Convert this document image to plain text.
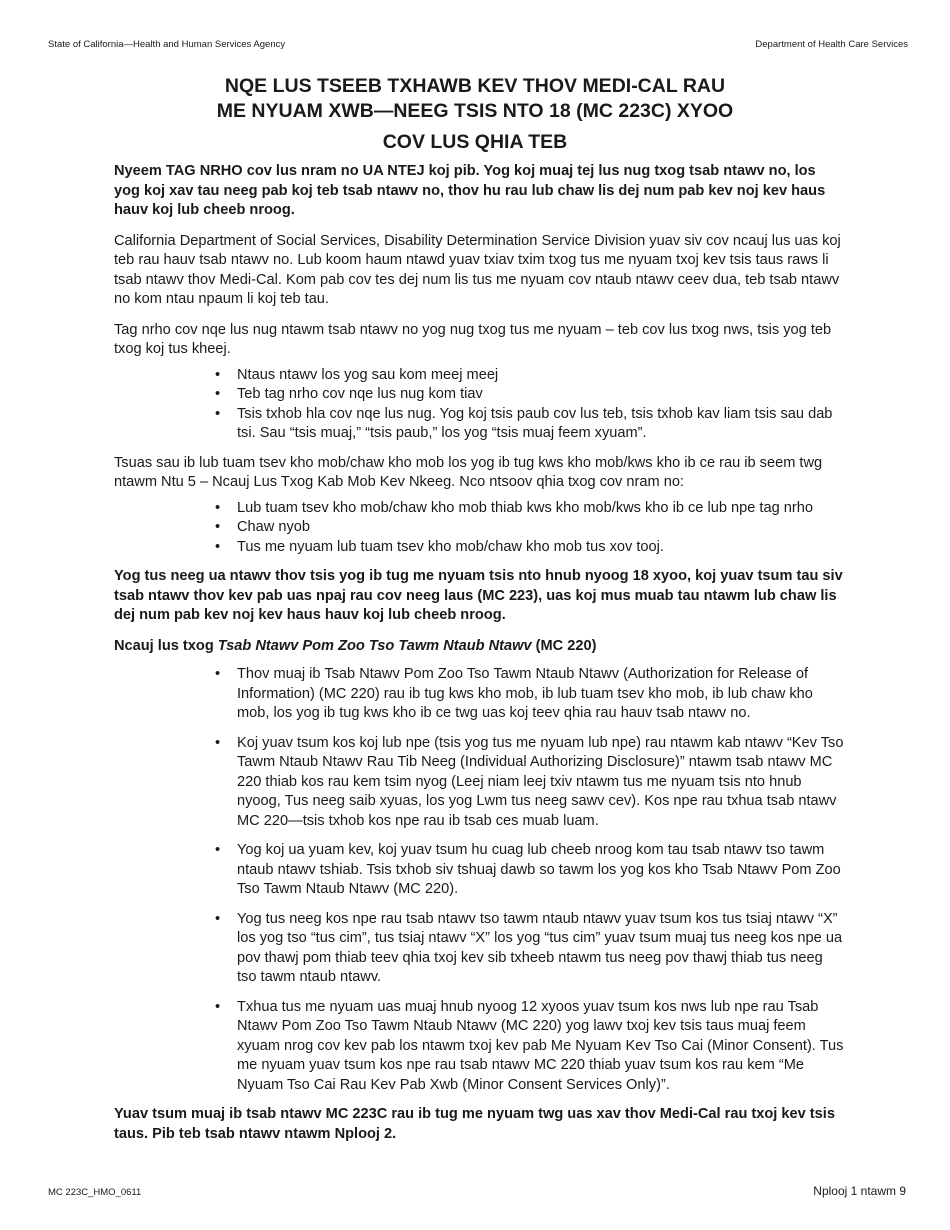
State of California—Health and Human Services Agency	Department of Health Care Services
NQE LUS TSEEB TXHAWB KEV THOV MEDI-CAL RAU
ME NYUAM XWB—NEEG TSIS NTO 18 (MC 223C) XYOO
COV LUS QHIA TEB

Nyeem TAG NRHO cov lus nram no UA NTEJ koj pib. Yog koj muaj tej lus nug txog tsab ntawv no, los yog koj xav tau neeg pab koj teb tsab ntawv no, thov hu rau lub chaw lis dej num pab kev noj kev haus hauv koj lub cheeb nroog.

California Department of Social Services, Disability Determination Service Division yuav siv cov ncauj lus uas koj teb rau hauv tsab ntawv no. Lub koom haum ntawd yuav txiav txim txog tus me nyuam txoj kev tsis taus raws li tsab ntawv thov Medi-Cal. Kom pab cov tes dej num lis tus me nyuam cov ntaub ntawv ceev dua, teb tsab ntawv no kom ntau npaum li koj teb tau.

Tag nrho cov nqe lus nug ntawm tsab ntawv no yog nug txog tus me nyuam – teb cov lus txog nws, tsis yog teb txog koj tus kheej.

• Ntaus ntawv los yog sau kom meej meej
• Teb tag nrho cov nqe lus nug kom tiav
• Tsis txhob hla cov nqe lus nug. Yog koj tsis paub cov lus teb, tsis txhob kav liam tsis sau dab tsi. Sau “tsis muaj,” “tsis paub,” los yog “tsis muaj feem xyuam”.

Tsuas sau ib lub tuam tsev kho mob/chaw kho mob los yog ib tug kws kho mob/kws kho ib ce rau ib seem twg ntawm Ntu 5 – Ncauj Lus Txog Kab Mob Kev Nkeeg. Nco ntsoov qhia txog cov nram no:

• Lub tuam tsev kho mob/chaw kho mob thiab kws kho mob/kws kho ib ce lub npe tag nrho
• Chaw nyob
• Tus me nyuam lub tuam tsev kho mob/chaw kho mob tus xov tooj.

Yog tus neeg ua ntawv thov tsis yog ib tug me nyuam tsis nto hnub nyoog 18 xyoo, koj yuav tsum tau siv tsab ntawv thov kev pab uas npaj rau cov neeg laus (MC 223), uas koj mus muab tau ntawm lub chaw lis dej num pab kev noj kev haus hauv koj lub cheeb nroog.

Ncauj lus txog Tsab Ntawv Pom Zoo Tso Tawm Ntaub Ntawv (MC 220)

• Thov muaj ib Tsab Ntawv Pom Zoo Tso Tawm Ntaub Ntawv (Authorization for Release of Information) (MC 220) rau ib tug kws kho mob, ib lub tuam tsev kho mob, ib lub chaw kho mob, los yog ib tug kws kho ib ce twg uas koj teev qhia rau hauv tsab ntawv no.
• Koj yuav tsum kos koj lub npe (tsis yog tus me nyuam lub npe) rau ntawm kab ntawv “Kev Tso Tawm Ntaub Ntawv Rau Tib Neeg (Individual Authorizing Disclosure)” ntawm tsab ntawv MC 220 thiab kos rau kem tsim nyog (Leej niam leej txiv ntawm tus me nyuam tsis nto hnub nyoog, Tus neeg saib xyuas, los yog Lwm tus neeg sawv cev). Kos npe rau txhua tsab ntawv MC 220—tsis txhob kos npe rau ib tsab ces muab luam.
• Yog koj ua yuam kev, koj yuav tsum hu cuag lub cheeb nroog kom tau tsab ntawv tso tawm ntaub ntawv tshiab. Tsis txhob siv tshuaj dawb so tawm los yog kos kho Tsab Ntawv Pom Zoo Tso Tawm Ntaub Ntawv (MC 220).
• Yog tus neeg kos npe rau tsab ntawv tso tawm ntaub ntawv yuav tsum kos tus tsiaj ntawv “X” los yog tso “tus cim”, tus tsiaj ntawv “X” los yog “tus cim” yuav tsum muaj tus neeg kos npe ua pov thawj pom thiab teev qhia txoj kev sib txheeb ntawm tus neeg pov thawj thiab tus neeg tso tawm ntaub ntawv.
• Txhua tus me nyuam uas muaj hnub nyoog 12 xyoos yuav tsum kos nws lub npe rau Tsab Ntawv Pom Zoo Tso Tawm Ntaub Ntawv (MC 220) yog lawv txoj kev tsis taus muaj feem xyuam nrog cov kev pab los ntawm txoj kev pab Me Nyuam Kev Tso Cai (Minor Consent). Tus me nyuam yuav tsum kos npe rau tsab ntawv MC 220 thiab yuav tsum kos rau kem “Me Nyuam Tso Cai Rau Kev Pab Xwb (Minor Consent Services Only)”.

Yuav tsum muaj ib tsab ntawv MC 223C rau ib tug me nyuam twg uas xav thov Medi-Cal rau txoj kev tsis taus. Pib teb tsab ntawv ntawm Nplooj 2.

MC 223C_HMO_0611	Nplooj 1 ntawm 9
